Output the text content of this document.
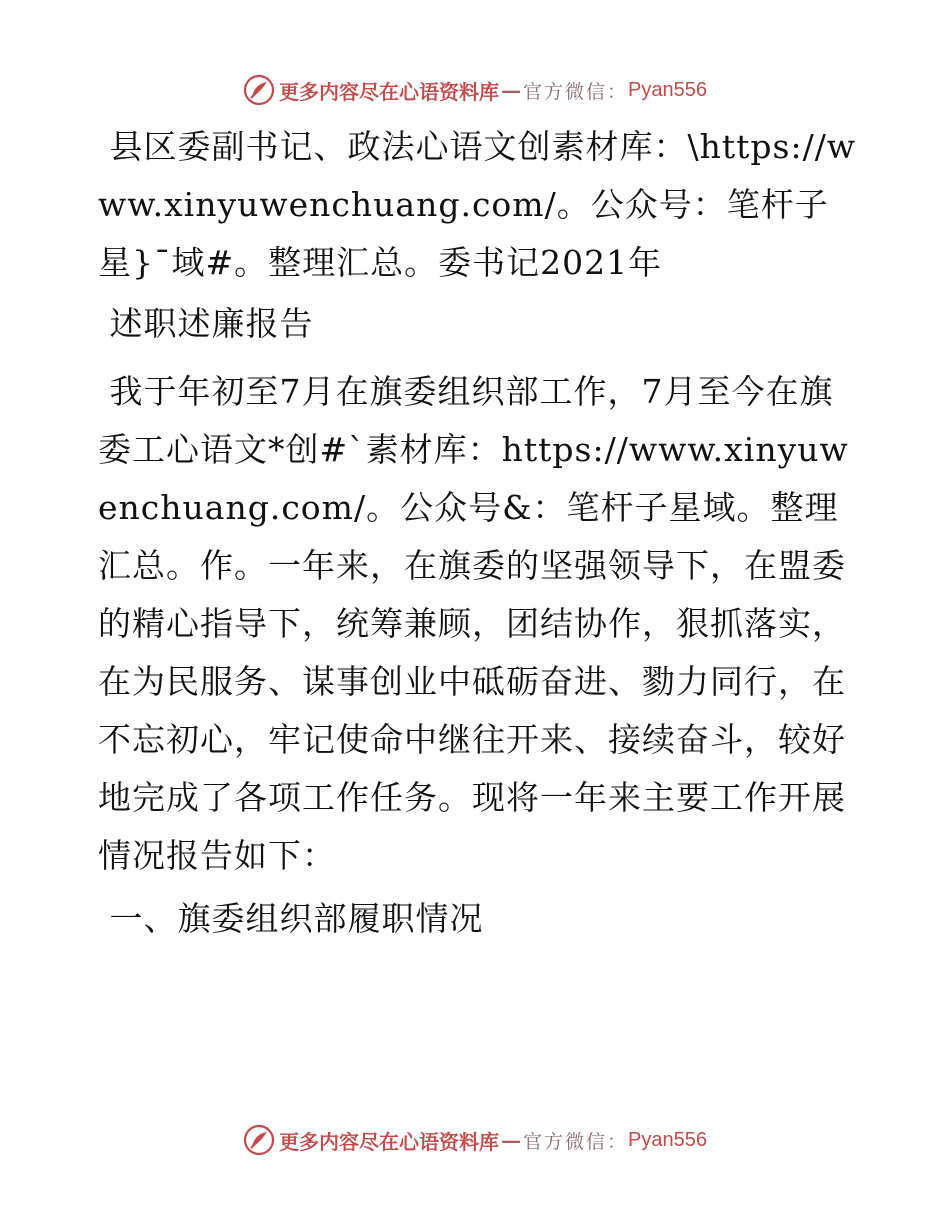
更多内容尽在心语资料库 — 官方微信： Pyan556

县区委副书记、政法心语文创素材库：\https://www.xinyuwenchuang.com/。公众号：笔杆子星}¯域#。整理汇总。委书记2021年

述职述廉报告

我于年初至7月在旗委组织部工作，7月至今在旗委工心语文*创#`素材库：https://www.xinyuwenchuang.com/。公众号&：笔杆子星域。整理汇总。作。一年来，在旗委的坚强领导下，在盟委的精心指导下，统筹兼顾，团结协作，狠抓落实，在为民服务、谋事创业中砥砺奋进、勠力同行，在不忘初心，牢记使命中继往开来、接续奋斗，较好地完成了各项工作任务。现将一年来主要工作开展情况报告如下：

一、旗委组织部履职情况

更多内容尽在心语资料库 — 官方微信： Pyan556
